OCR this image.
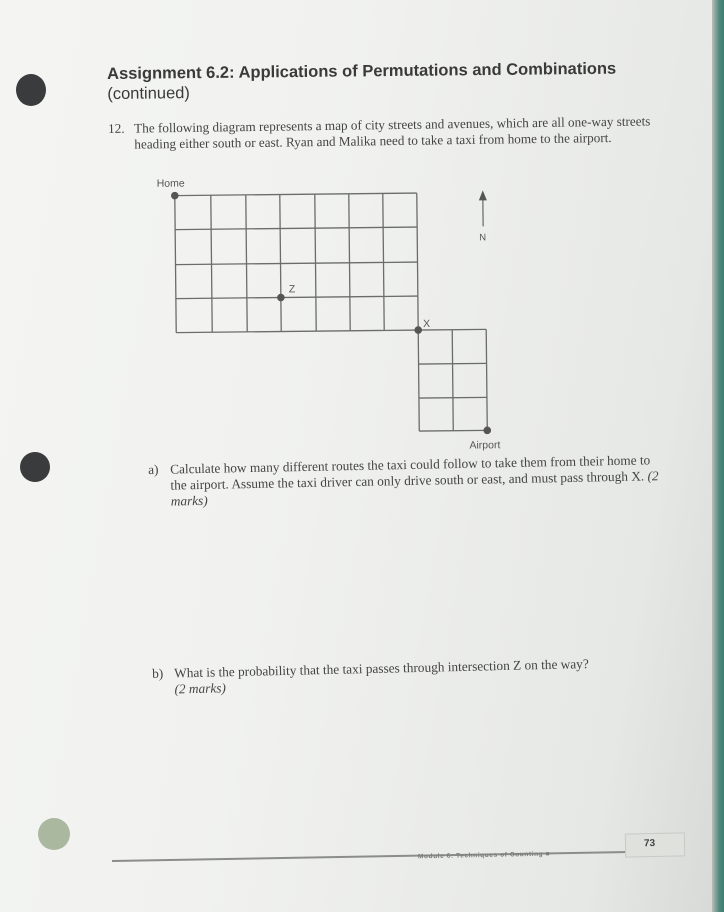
Assignment 6.2: Applications of Permutations and Combinations
(continued)
12. The following diagram represents a map of city streets and avenues, which are all one-way streets heading either south or east. Ryan and Malika need to take a taxi from home to the airport.
Home
Z
X
Airport
N
a) Calculate how many different routes the taxi could follow to take them from their home to the airport. Assume the taxi driver can only drive south or east, and must pass through X. (2 marks)
b) What is the probability that the taxi passes through intersection Z on the way?
(2 marks)
Module 6: Techniques of Counting ■
73
